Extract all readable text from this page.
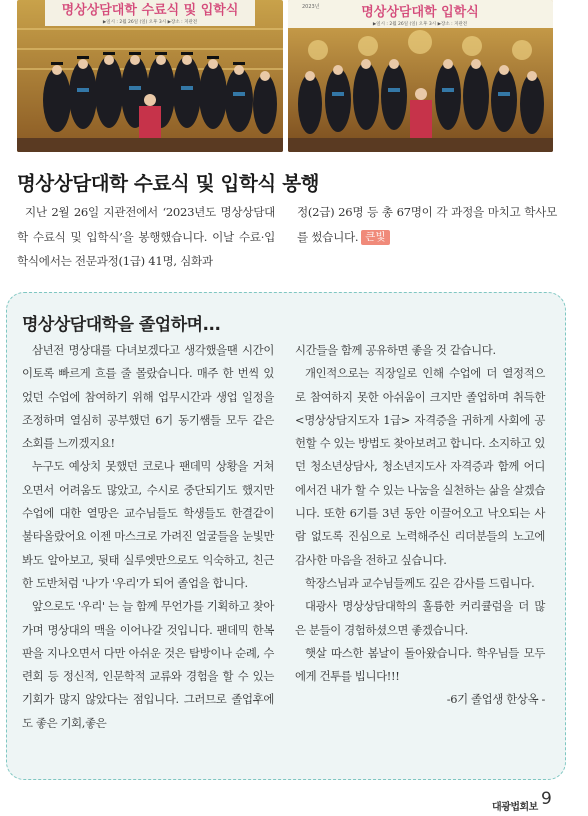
명상상담대학 수료식 및 입학식
▶일시 : 2월 26일 (일) 오후 3시 ▶장소 : 지관전
2023년	명상상담대학 입학식
▶일시 : 2월 26일 (일) 오후 3시 ▶장소 : 지관전
명상상담대학 수료식 및 입학식 봉행
지난 2월 26일 지관전에서 ‘2023년도 명상상담대학 수료식 및 입학식’을 봉행했습니다. 이날 수료·입학식에서는 전문과정(1급) 41명, 심화과
정(2급) 26명 등 총 67명이 각 과정을 마치고 학사모를 썼습니다. 큰빛
명상상담대학을 졸업하며...

삼년전 명상대를 다녀보겠다고 생각했을땐 시간이 이토록 빠르게 흐를 줄 몰랐습니다. 매주 한 번씩 있었던 수업에 참여하기 위해 업무시간과 생업 일정을 조정하며 열심히 공부했던 6기 동기쌤들 모두 같은 소회를 느끼겠지요!

누구도 예상치 못했던 코로나 팬데믹 상황을 거쳐 오면서 어려움도 많았고, 수시로 중단되기도 했지만 수업에 대한 열망은 교수님들도 학생들도 한결같이 불타올랐어요 이젠 마스크로 가려진 얼굴들을 눈빛만 봐도 알아보고, 뒷태 실루엣만으로도 익숙하고, 친근한 도반처럼 '나'가 '우리'가 되어 졸업을 합니다.

앞으로도 '우리' 는 늘 함께 무언가를 기획하고 찾아가며 명상대의 맥을 이어나갈 것입니다. 팬데믹 한복판을 지나오면서 다만 아쉬운 것은 탐방이나 순례, 수련회 등 정신적, 인문학적 교류와 경험을 할 수 있는 기회가 많지 않았다는 점입니다. 그러므로 졸업후에도 좋은 기회,좋은

시간들을 함께 공유하면 좋을 것 같습니다.

개인적으로는 직장일로 인해 수업에 더 열정적으로 참여하지 못한 아쉬움이 크지만 졸업하며 취득한 <명상상담지도자 1급> 자격증을 귀하게 사회에 공헌할 수 있는 방법도 찾아보려고 합니다. 소지하고 있던 청소년상담사, 청소년지도사 자격증과 함께 어디에서건 내가 할 수 있는 나눔을 실천하는 삶을 살겠습니다. 또한 6기를 3년 동안 이끌어오고 낙오되는 사람 없도록 진심으로 노력해주신 리더분들의 노고에 감사한 마음을 전하고 싶습니다.

학장스님과 교수님들께도 깊은 감사를 드립니다.

대광사 명상상담대학의 훌륭한 커리큘럼을 더 많은 분들이 경험하셨으면 좋겠습니다.

햇살 따스한 봄날이 돌아왔습니다. 학우님들 모두에게 건투를 빕니다!!!

-6기 졸업생 한상옥 -

대광법회보 9
